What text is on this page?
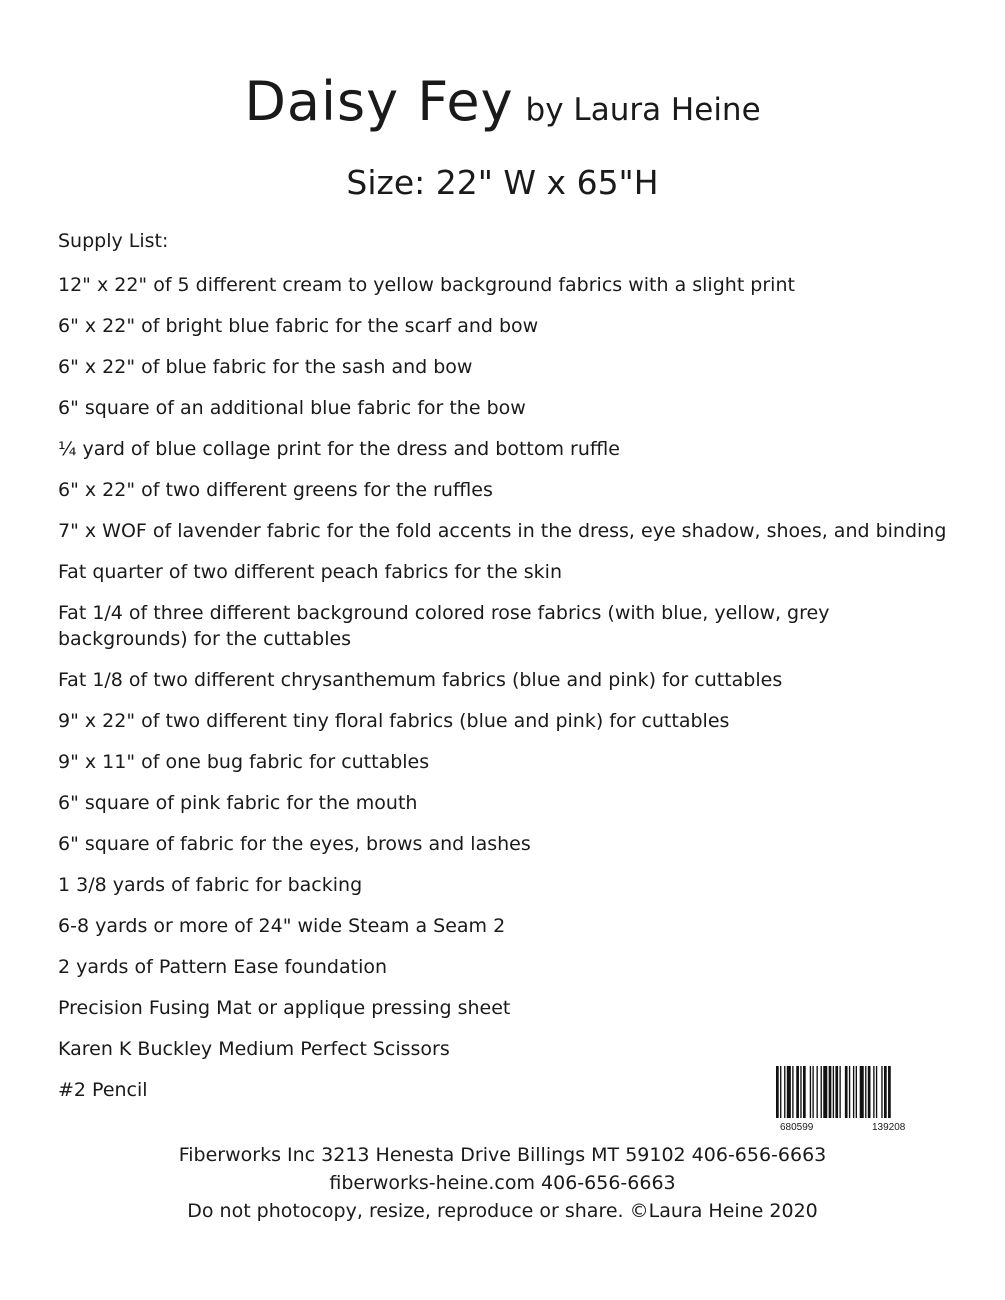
Daisy Fey by Laura Heine
Size: 22" W x 65"H
Supply List:
12" x 22" of 5 different cream to yellow background fabrics with a slight print
6" x 22" of bright blue fabric for the scarf and bow
6" x 22" of blue fabric for the sash and bow
6" square of an additional blue fabric for the bow
¼ yard of blue collage print for the dress and bottom ruffle
6" x 22" of two different greens for the ruffles
7" x WOF of lavender fabric for the fold accents in the dress, eye shadow, shoes, and binding
Fat quarter of two different peach fabrics for the skin
Fat 1/4 of three different background colored rose fabrics (with blue, yellow, grey backgrounds) for the cuttables
Fat 1/8 of two different chrysanthemum fabrics (blue and pink) for cuttables
9" x 22" of two different tiny floral fabrics (blue and pink) for cuttables
9" x 11" of one bug fabric for cuttables
6" square of pink fabric for the mouth
6" square of fabric for the eyes, brows and lashes
1 3/8 yards of fabric for backing
6-8 yards or more of 24" wide Steam a Seam 2
2 yards of Pattern Ease foundation
Precision Fusing Mat or applique pressing sheet
Karen K Buckley Medium Perfect Scissors
#2 Pencil
680599	139208
Fiberworks Inc 3213 Henesta Drive Billings MT 59102 406-656-6663
fiberworks-heine.com 406-656-6663
Do not photocopy, resize, reproduce or share. ©Laura Heine 2020
